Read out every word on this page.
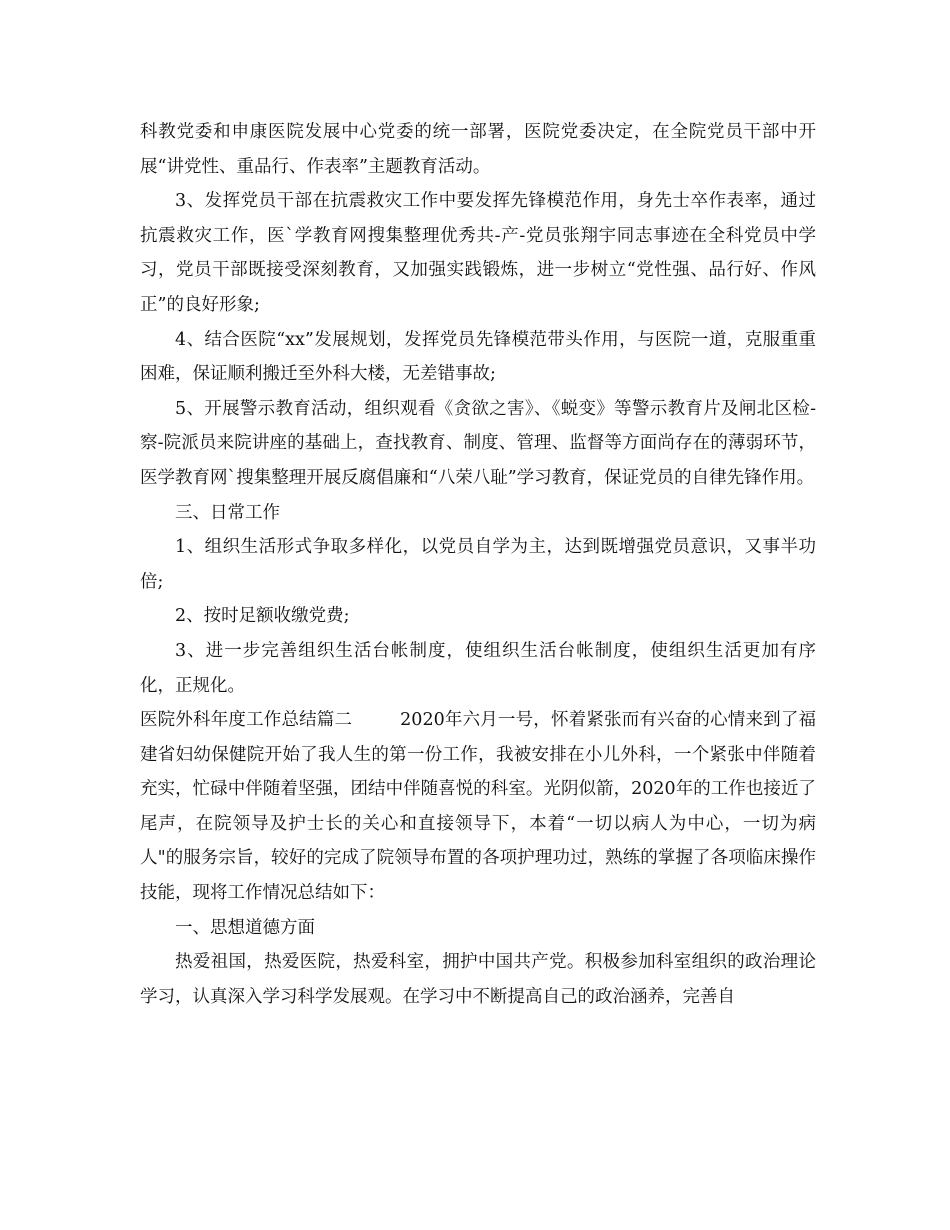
科教党委和申康医院发展中心党委的统一部署，医院党委决定，在全院党员干部中开展“讲党性、重品行、作表率”主题教育活动。

3、发挥党员干部在抗震救灾工作中要发挥先锋模范作用，身先士卒作表率，通过抗震救灾工作，医`学教育网搜集整理优秀共-产-党员张翔宇同志事迹在全科党员中学习，党员干部既接受深刻教育，又加强实践锻炼，进一步树立“党性强、品行好、作风正”的良好形象;

4、结合医院“xx”发展规划，发挥党员先锋模范带头作用，与医院一道，克服重重困难，保证顺利搬迁至外科大楼，无差错事故;

5、开展警示教育活动，组织观看《贪欲之害》、《蜕变》等警示教育片及闸北区检-察-院派员来院讲座的基础上，查找教育、制度、管理、监督等方面尚存在的薄弱环节，医学教育网`搜集整理开展反腐倡廉和“八荣八耻”学习教育，保证党员的自律先锋作用。

三、日常工作

1、组织生活形式争取多样化，以党员自学为主，达到既增强党员意识，又事半功倍;

2、按时足额收缴党费;

3、进一步完善组织生活台帐制度，使组织生活台帐制度，使组织生活更加有序化，正规化。

医院外科年度工作总结篇二	2020年六月一号，怀着紧张而有兴奋的心情来到了福建省妇幼保健院开始了我人生的第一份工作，我被安排在小儿外科，一个紧张中伴随着充实，忙碌中伴随着坚强，团结中伴随喜悦的科室。光阴似箭，2020年的工作也接近了尾声，在院领导及护士长的关心和直接领导下，本着“一切以病人为中心，一切为病人"的服务宗旨，较好的完成了院领导布置的各项护理功过，熟练的掌握了各项临床操作技能，现将工作情况总结如下：

一、思想道德方面

热爱祖国，热爱医院，热爱科室，拥护中国共产党。积极参加科室组织的政治理论学习，认真深入学习科学发展观。在学习中不断提高自己的政治涵养，完善自
